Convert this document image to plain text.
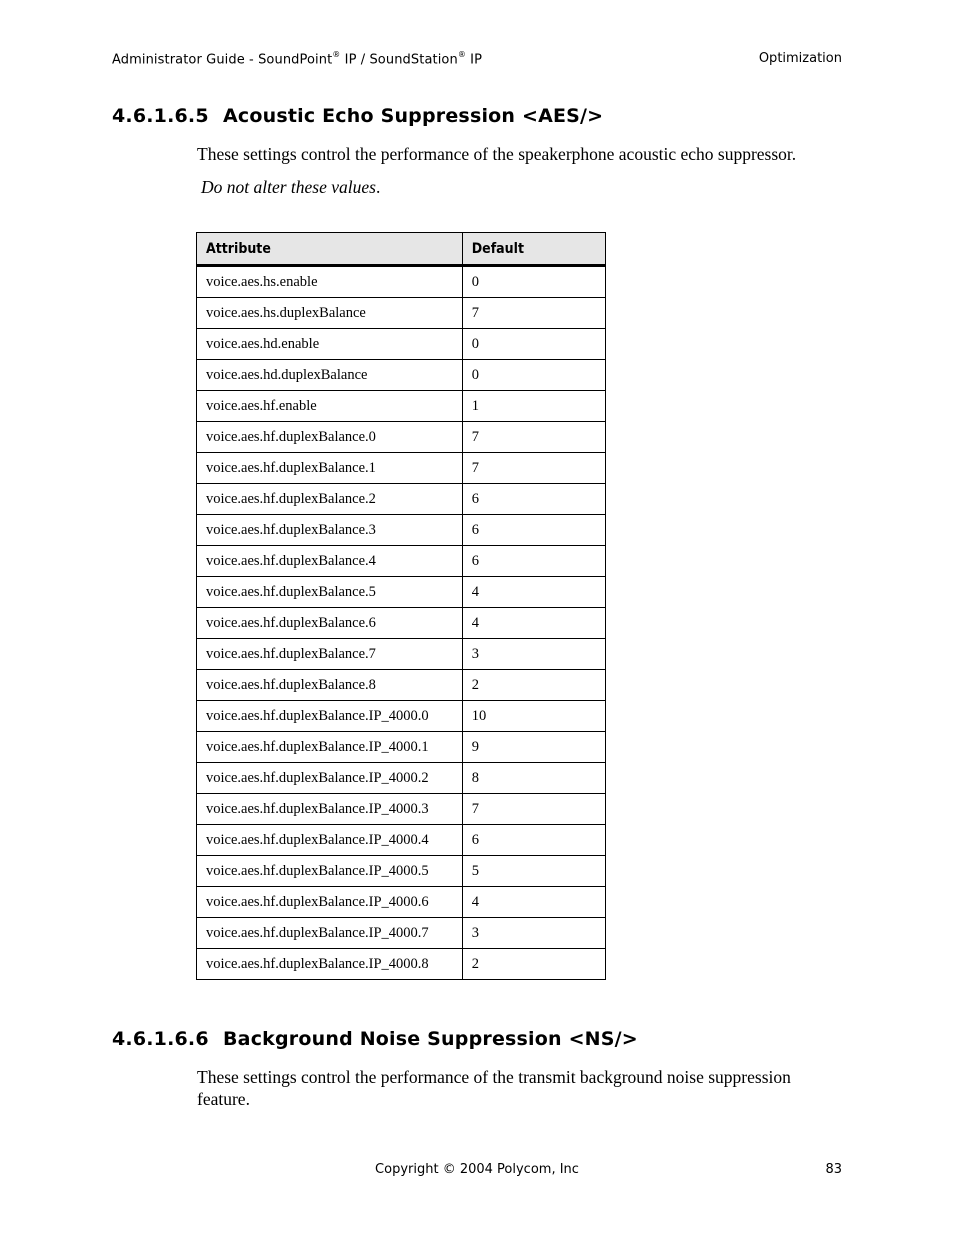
Administrator Guide - SoundPoint® IP / SoundStation® IP	Optimization
4.6.1.6.5 Acoustic Echo Suppression <AES/>
These settings control the performance of the speakerphone acoustic echo suppressor.
Do not alter these values.
Attribute	Default
voice.aes.hs.enable	0
voice.aes.hs.duplexBalance	7
voice.aes.hd.enable	0
voice.aes.hd.duplexBalance	0
voice.aes.hf.enable	1
voice.aes.hf.duplexBalance.0	7
voice.aes.hf.duplexBalance.1	7
voice.aes.hf.duplexBalance.2	6
voice.aes.hf.duplexBalance.3	6
voice.aes.hf.duplexBalance.4	6
voice.aes.hf.duplexBalance.5	4
voice.aes.hf.duplexBalance.6	4
voice.aes.hf.duplexBalance.7	3
voice.aes.hf.duplexBalance.8	2
voice.aes.hf.duplexBalance.IP_4000.0	10
voice.aes.hf.duplexBalance.IP_4000.1	9
voice.aes.hf.duplexBalance.IP_4000.2	8
voice.aes.hf.duplexBalance.IP_4000.3	7
voice.aes.hf.duplexBalance.IP_4000.4	6
voice.aes.hf.duplexBalance.IP_4000.5	5
voice.aes.hf.duplexBalance.IP_4000.6	4
voice.aes.hf.duplexBalance.IP_4000.7	3
voice.aes.hf.duplexBalance.IP_4000.8	2
4.6.1.6.6 Background Noise Suppression <NS/>
These settings control the performance of the transmit background noise suppression feature.
Copyright © 2004 Polycom, Inc	83
